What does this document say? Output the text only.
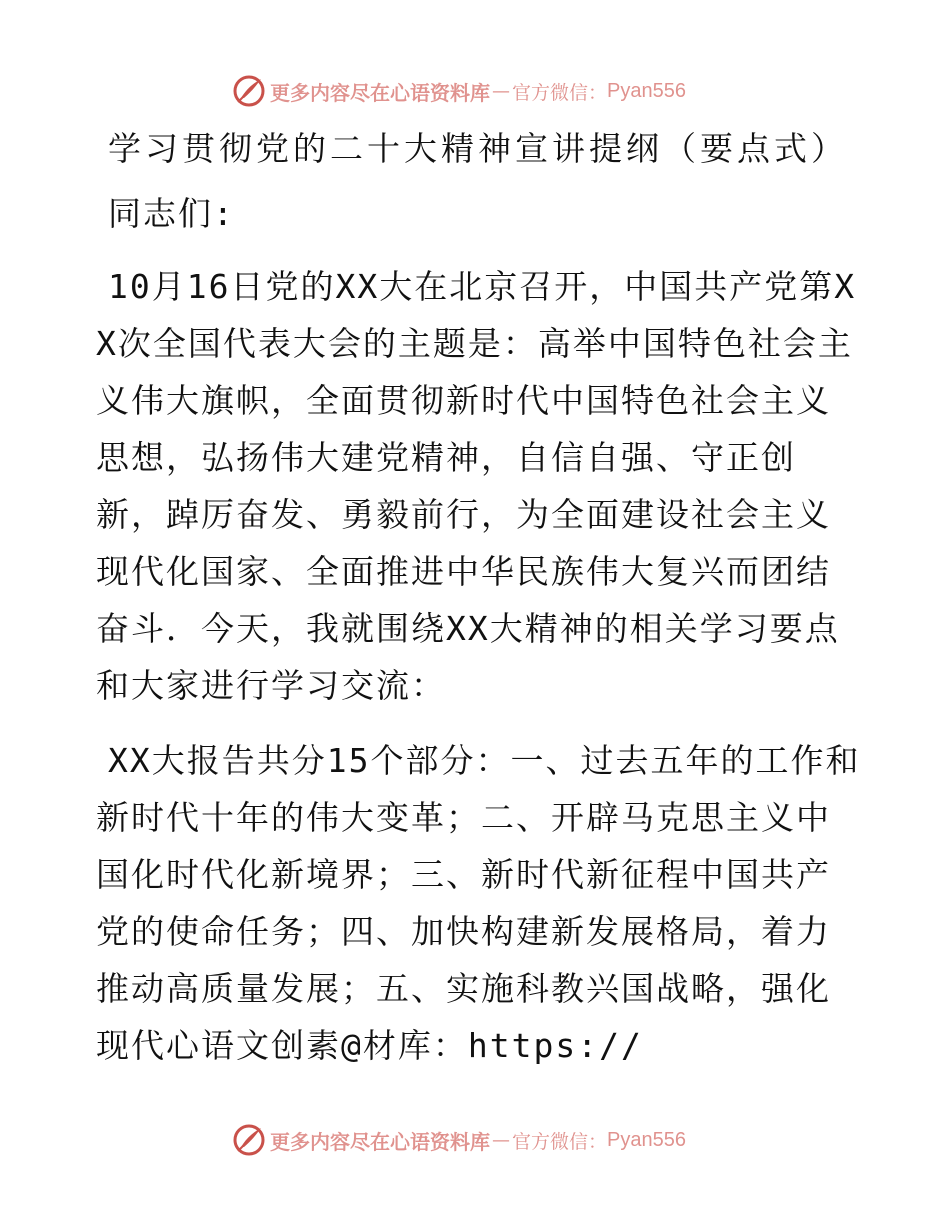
更多内容尽在心语资料库 — 官方微信： Pyan556
学习贯彻党的二十大精神宣讲提纲（要点式）

同志们:

10月16日党的XX大在北京召开，中国共产党第XX次全国代表大会的主题是：高举中国特色社会主义伟大旗帜，全面贯彻新时代中国特色社会主义思想，弘扬伟大建党精神，自信自强、守正创新，踔厉奋发、勇毅前行，为全面建设社会主义现代化国家、全面推进中华民族伟大复兴而团结奋斗．今天，我就围绕XX大精神的相关学习要点和大家进行学习交流：

XX大报告共分15个部分：一、过去五年的工作和新时代十年的伟大变革；二、开辟马克思主义中国化时代化新境界；三、新时代新征程中国共产党的使命任务；四、加快构建新发展格局，着力推动高质量发展；五、实施科教兴国战略，强化现代心语文创素@材库：https://

更多内容尽在心语资料库 — 官方微信： Pyan556
